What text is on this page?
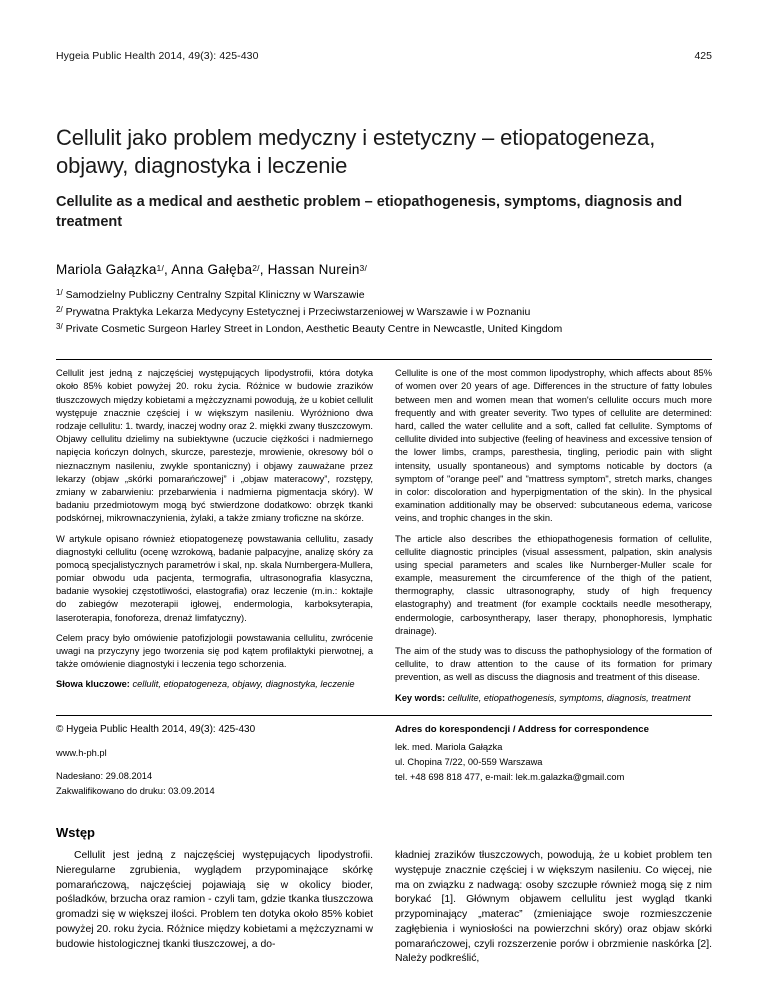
Hygeia Public Health 2014, 49(3): 425-430	425
Cellulit jako problem medyczny i estetyczny – etiopatogeneza, objawy, diagnostyka i leczenie
Cellulite as a medical and aesthetic problem – etiopathogenesis, symptoms, diagnosis and treatment
Mariola Gałązka$^{1/}$, Anna Gałęba$^{2/}$, Hassan Nurein$^{3/}$
$^{1/}$ Samodzielny Publiczny Centralny Szpital Kliniczny w Warszawie
$^{2/}$ Prywatna Praktyka Lekarza Medycyny Estetycznej i Przeciwstarzeniowej w Warszawie i w Poznaniu
$^{3/}$ Private Cosmetic Surgeon Harley Street in London, Aesthetic Beauty Centre in Newcastle, United Kingdom

Cellulit jest jedną z najczęściej występujących lipodystrofii, która dotyka około 85% kobiet powyżej 20. roku życia. Różnice w budowie zrazików tłuszczowych między kobietami a mężczyznami powodują, że u kobiet cellulit występuje znacznie częściej i w większym nasileniu. Wyróżniono dwa rodzaje cellulitu: 1. twardy, inaczej wodny oraz 2. miękki zwany tłuszczowym. Objawy cellulitu dzielimy na subiektywne (uczucie ciężkości i nadmiernego napięcia kończyn dolnych, skurcze, parestezje, mrowienie, okresowy ból o nieznacznym nasileniu, zwykle spontaniczny) i objawy zauważane przez lekarzy (objaw „skórki pomarańczowej” i „objaw materacowy”, rozstępy, zmiany w zabarwieniu: przebarwienia i nadmierna pigmentacja skóry). W badaniu przedmiotowym mogą być stwierdzone dodatkowo: obrzęk tkanki podskórnej, mikrownaczynienia, żylaki, a także zmiany troficzne na skórze.

W artykule opisano również etiopatogenezę powstawania cellulitu, zasady diagnostyki cellulitu (ocenę wzrokową, badanie palpacyjne, analizę skóry za pomocą specjalistycznych parametrów i skal, np. skala Nurnbergera-Mullera, pomiar obwodu uda pacjenta, termografia, ultrasonografia klasyczna, badanie wysokiej częstotliwości, elastografia) oraz leczenie (m.in.: koktajle do zabiegów mezoterapii igłowej, endermologia, karboksyterapia, laseroterapia, fonoforeza, drenaż limfatyczny).

Celem pracy było omówienie patofizjologii powstawania cellulitu, zwrócenie uwagi na przyczyny jego tworzenia się pod kątem profilaktyki pierwotnej, a także omówienie diagnostyki i leczenia tego schorzenia.

Słowa kluczowe: cellulit, etiopatogeneza, objawy, diagnostyka, leczenie

Cellulite is one of the most common lipodystrophy, which affects about 85% of women over 20 years of age. Differences in the structure of fatty lobules between men and women mean that women's cellulite occurs much more frequently and with greater severity. Two types of cellulite are determined: hard, called the water cellulite and a soft, called fat cellulite. Symptoms of cellulite divided into subjective (feeling of heaviness and excessive tension of the lower limbs, cramps, paresthesia, tingling, periodic pain with slight intensity, usually spontaneous) and symptoms noticable by doctors (a symptom of "orange peel" and "mattress symptom", stretch marks, changes in color: discoloration and hyperpigmentation of the skin). In the physical examination additionally may be observed: subcutaneous edema, varicose veins, and trophic changes in the skin.

The article also describes the ethiopathogenesis formation of cellulite, cellulite diagnostic principles (visual assessment, palpation, skin analysis using special parameters and scales like Nurnberger-Muller scale for example, measurement the circumference of the thigh of the patient, thermography, classic ultrasonography, study of high frequency elastography) and treatment (for example cocktails needle mesotherapy, endermologie, carbosyntherapy, laser therapy, phonophoresis, lymphatic drainage).

The aim of the study was to discuss the pathophysiology of the formation of cellulite, to draw attention to the cause of its formation for primary prevention, as well as discuss the diagnosis and treatment of this disease.

Key words: cellulite, etiopathogenesis, symptoms, diagnosis, treatment

© Hygeia Public Health 2014, 49(3): 425-430
www.h-ph.pl
Nadesłano: 29.08.2014
Zakwalifikowano do druku: 03.09.2014
Adres do korespondencji / Address for correspondence
lek. med. Mariola Gałązka
ul. Chopina 7/22, 00-559 Warszawa
tel. +48 698 818 477, e-mail: lek.m.galazka@gmail.com
Wstęp

Cellulit jest jedną z najczęściej występujących lipodystrofii. Nieregularne zgrubienia, wyglądem przypominające skórkę pomarańczową, najczęściej pojawiają się w okolicy bioder, pośladków, brzucha oraz ramion - czyli tam, gdzie tkanka tłuszczowa gromadzi się w większej ilości. Problem ten dotyka około 85% kobiet powyżej 20. roku życia. Różnice między kobietami a mężczyznami w budowie histologicznej tkanki tłuszczowej, a do-

kładniej zrazików tłuszczowych, powodują, że u kobiet problem ten występuje znacznie częściej i w większym nasileniu. Co więcej, nie ma on związku z nadwagą: osoby szczupłe również mogą się z nim borykać [1]. Głównym objawem cellulitu jest wygląd tkanki przypominający „materac” (zmieniające swoje rozmieszczenie zagłębienia i wyniosłości na powierzchni skóry) oraz objaw skórki pomarańczowej, czyli rozszerzenie porów i obrzmienie naskórka [2]. Należy podkreślić,
